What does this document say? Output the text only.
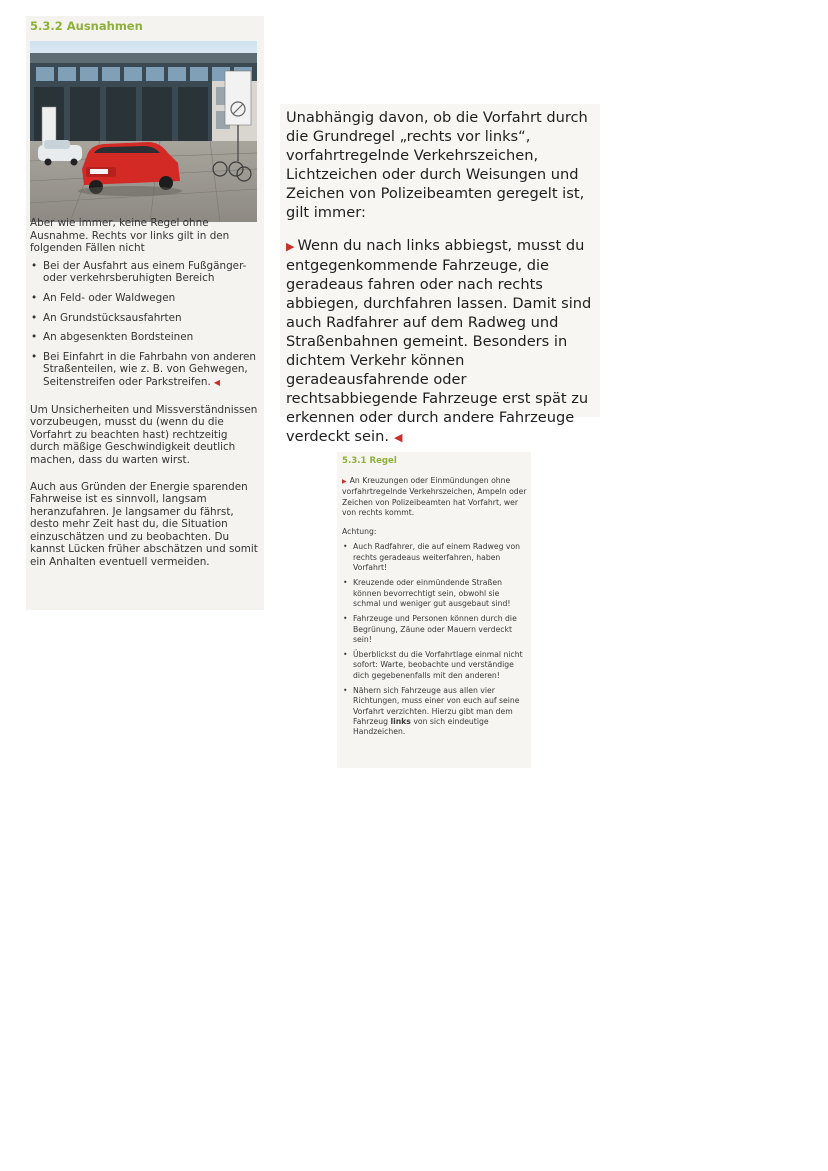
5.3.2 Ausnahmen

Aber wie immer, keine Regel ohne Ausnahme. Rechts vor links gilt in den folgenden Fällen nicht

• Bei der Ausfahrt aus einem Fußgänger- oder verkehrsberuhigten Bereich
• An Feld- oder Waldwegen
• An Grundstücksausfahrten
• An abgesenkten Bordsteinen
• Bei Einfahrt in die Fahrbahn von anderen Straßenteilen, wie z. B. von Gehwegen, Seitenstreifen oder Parkstreifen. ◀

Um Unsicherheiten und Missverständnissen vorzubeugen, musst du (wenn du die Vorfahrt zu beachten hast) rechtzeitig durch mäßige Geschwindigkeit deutlich machen, dass du warten wirst.

Auch aus Gründen der Energie sparenden Fahrweise ist es sinnvoll, langsam heranzufahren. Je langsamer du fährst, desto mehr Zeit hast du, die Situation einzuschätzen und zu beobachten. Du kannst Lücken früher abschätzen und somit ein Anhalten eventuell vermeiden.

Unabhängig davon, ob die Vorfahrt durch die Grundregel „rechts vor links“, vorfahrtregelnde Verkehrszeichen, Lichtzeichen oder durch Weisungen und Zeichen von Polizeibeamten geregelt ist, gilt immer:

▶ Wenn du nach links abbiegst, musst du entgegenkommende Fahrzeuge, die geradeaus fahren oder nach rechts abbiegen, durchfahren lassen. Damit sind auch Radfahrer auf dem Radweg und Straßenbahnen gemeint. Besonders in dichtem Verkehr können geradeausfahrende oder rechtsabbiegende Fahrzeuge erst spät zu erkennen oder durch andere Fahrzeuge verdeckt sein. ◀

5.3.1 Regel

▶ An Kreuzungen oder Einmündungen ohne vorfahrtregelnde Verkehrszeichen, Ampeln oder Zeichen von Polizeibeamten hat Vorfahrt, wer von rechts kommt.

Achtung:

• Auch Radfahrer, die auf einem Radweg von rechts geradeaus weiterfahren, haben Vorfahrt!
• Kreuzende oder einmündende Straßen können bevorrechtigt sein, obwohl sie schmal und weniger gut ausgebaut sind!
• Fahrzeuge und Personen können durch die Begrünung, Zäune oder Mauern verdeckt sein!
• Überblickst du die Vorfahrtlage einmal nicht sofort: Warte, beobachte und verständige dich gegebenenfalls mit den anderen!
• Nähern sich Fahrzeuge aus allen vier Richtungen, muss einer von euch auf seine Vorfahrt verzichten. Hierzu gibt man dem Fahrzeug links von sich eindeutige Handzeichen.
